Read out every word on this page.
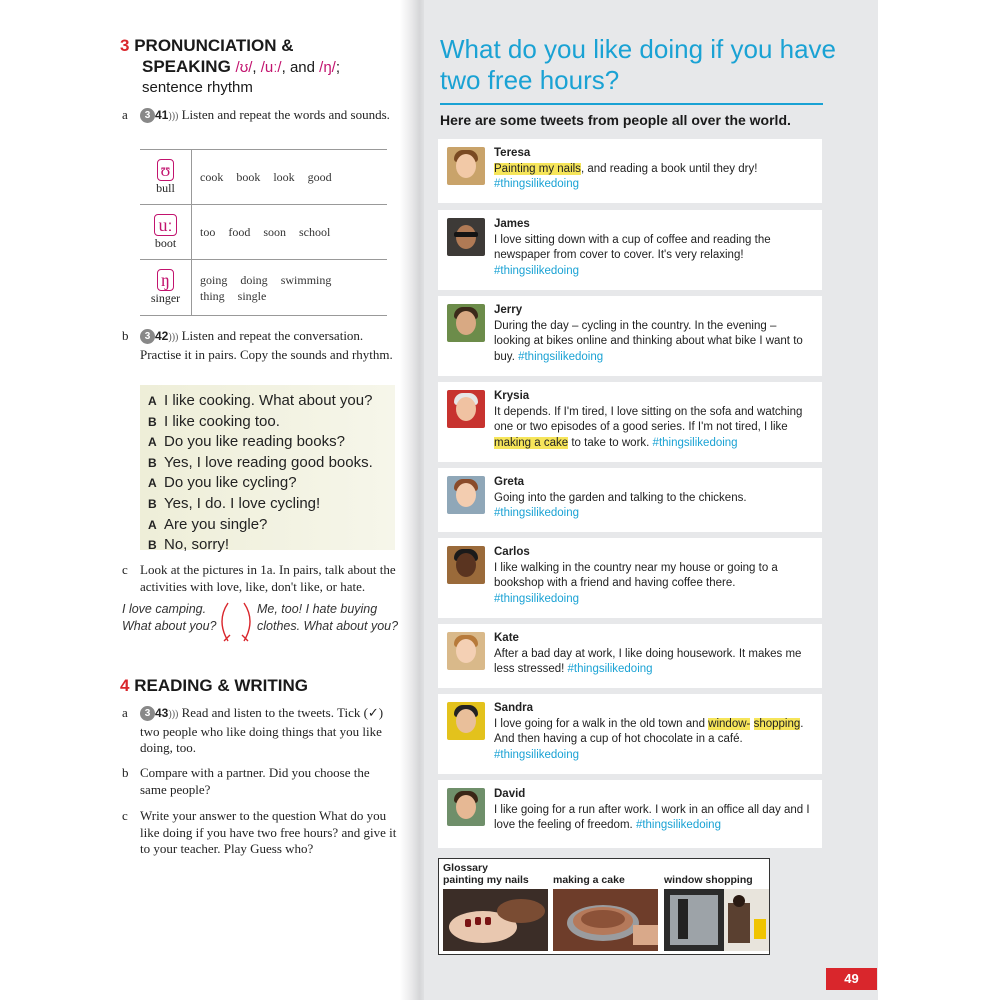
3 PRONUNCIATION &
SPEAKING /ʊ/, /uː/, and /ŋ/;
sentence rhythm
a	3 41))) Listen and repeat the words and sounds.
ʊ
bull
cook book look good
uː
boot
too food soon school
ŋ
singer
going doing swimming
thing single
b	3 42))) Listen and repeat the conversation. Practise it in pairs. Copy the sounds and rhythm.
A I like cooking. What about you?
B I like cooking too.
A Do you like reading books?
B Yes, I love reading good books.
A Do you like cycling?
B Yes, I do. I love cycling!
A Are you single?
B No, sorry!
c Look at the pictures in 1a. In pairs, talk about the activities with love, like, don't like, or hate.
I love camping.
What about you?
Me, too! I hate buying
clothes. What about you?
4 READING & WRITING
a	3 43))) Read and listen to the tweets. Tick (✓) two people who like doing things that you like doing, too.
b Compare with a partner. Did you choose the same people?
c Write your answer to the question What do you like doing if you have two free hours? and give it to your teacher. Play Guess who?
What do you like doing if you have two free hours?
Here are some tweets from people all over the world.
Teresa
Painting my nails, and reading a book until they dry!
#thingsilikedoing
James
I love sitting down with a cup of coffee and reading the newspaper from cover to cover. It's very relaxing!
#thingsilikedoing
Jerry
During the day – cycling in the country. In the evening – looking at bikes online and thinking about what bike I want to buy. #thingsilikedoing
Krysia
It depends. If I'm tired, I love sitting on the sofa and watching one or two episodes of a good series. If I'm not tired, I like making a cake to take to work. #thingsilikedoing
Greta
Going into the garden and talking to the chickens.
#thingsilikedoing
Carlos
I like walking in the country near my house or going to a bookshop with a friend and having coffee there.
#thingsilikedoing
Kate
After a bad day at work, I like doing housework. It makes me less stressed! #thingsilikedoing
Sandra
I love going for a walk in the old town and window- shopping. And then having a cup of hot chocolate in a café.
#thingsilikedoing
David
I like going for a run after work. I work in an office all day and I love the feeling of freedom. #thingsilikedoing
Glossary
painting my nails making a cake	window shopping
49
